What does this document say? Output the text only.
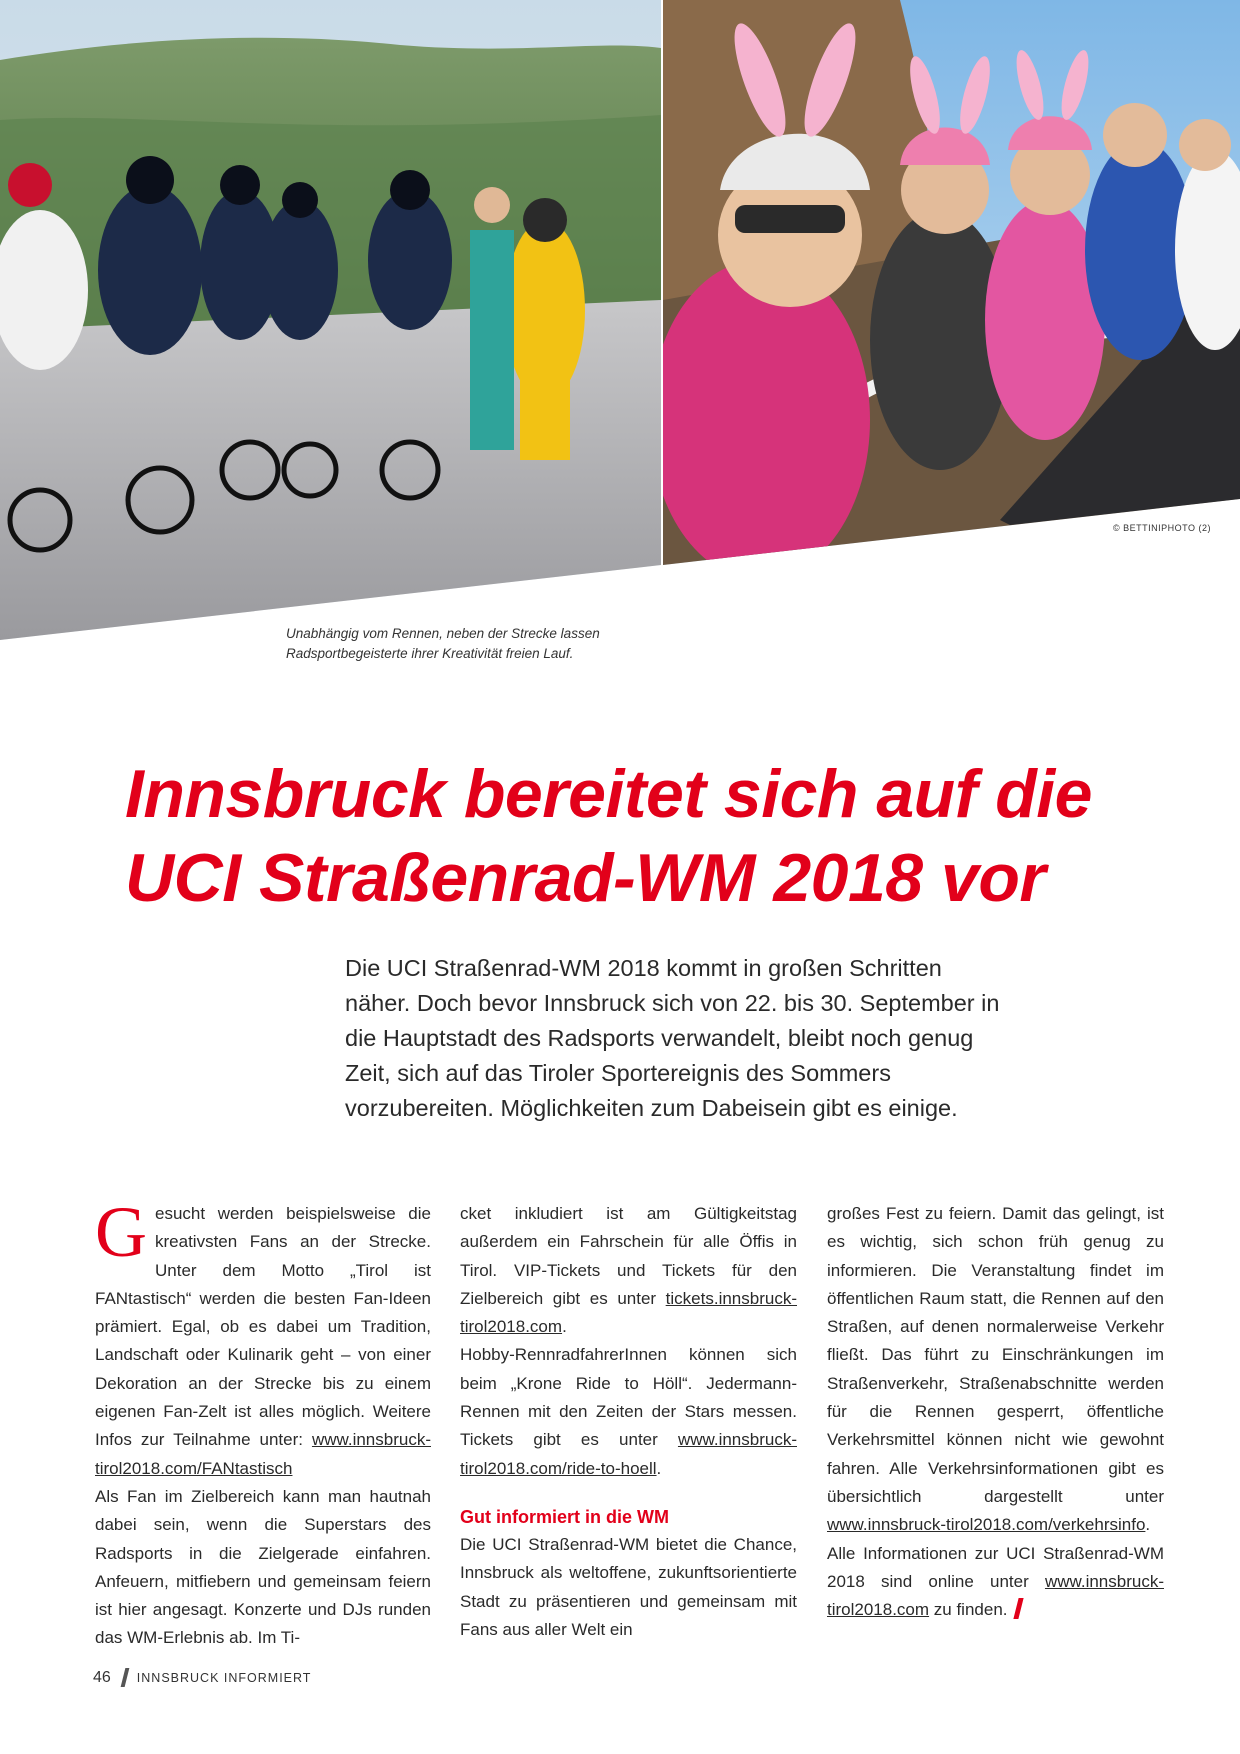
© BETTINIPHOTO (2)
Unabhängig vom Rennen, neben der Strecke lassen Radsportbegeisterte ihrer Kreativität freien Lauf.
Innsbruck bereitet sich auf die
UCI Straßenrad-WM 2018 vor

Die UCI Straßenrad-WM 2018 kommt in großen Schritten näher. Doch bevor Innsbruck sich von 22. bis 30. September in die Hauptstadt des Radsports verwandelt, bleibt noch genug Zeit, sich auf das Tiroler Sportereignis des Sommers vorzubereiten. Möglichkeiten zum Dabeisein gibt es einige.

Gesucht werden beispielsweise die kreativsten Fans an der Strecke. Unter dem Motto „Tirol ist FANtastisch“ werden die besten Fan-Ideen prämiert. Egal, ob es dabei um Tradition, Landschaft oder Kulinarik geht – von einer Dekoration an der Strecke bis zu einem eigenen Fan-Zelt ist alles möglich. Weitere Infos zur Teilnahme unter: www.innsbruck-tirol2018.com/FANtastisch

Als Fan im Zielbereich kann man hautnah dabei sein, wenn die Superstars des Radsports in die Zielgerade einfahren. Anfeuern, mitfiebern und gemeinsam feiern ist hier angesagt. Konzerte und DJs runden das WM-Erlebnis ab. Im Ti-

cket inkludiert ist am Gültigkeitstag außerdem ein Fahrschein für alle Öffis in Tirol. VIP-Tickets und Tickets für den Zielbereich gibt es unter tickets.innsbruck-tirol2018.com.

Hobby-RennradfahrerInnen können sich beim „Krone Ride to Höll“. Jedermann-Rennen mit den Zeiten der Stars messen. Tickets gibt es unter www.innsbruck-tirol2018.com/ride-to-hoell.

Gut informiert in die WM

Die UCI Straßenrad-WM bietet die Chance, Innsbruck als weltoffene, zukunftsorientierte Stadt zu präsentieren und gemeinsam mit Fans aus aller Welt ein

großes Fest zu feiern. Damit das gelingt, ist es wichtig, sich schon früh genug zu informieren. Die Veranstaltung findet im öffentlichen Raum statt, die Rennen auf den Straßen, auf denen normalerweise Verkehr fließt. Das führt zu Einschränkungen im Straßenverkehr, Straßenabschnitte werden für die Rennen gesperrt, öffentliche Verkehrsmittel können nicht wie gewohnt fahren. Alle Verkehrsinformationen gibt es übersichtlich dargestellt unter www.innsbruck-tirol2018.com/verkehrsinfo.

Alle Informationen zur UCI Straßenrad-WM 2018 sind online unter www.innsbruck-tirol2018.com zu finden.

46 INNSBRUCK INFORMIERT
